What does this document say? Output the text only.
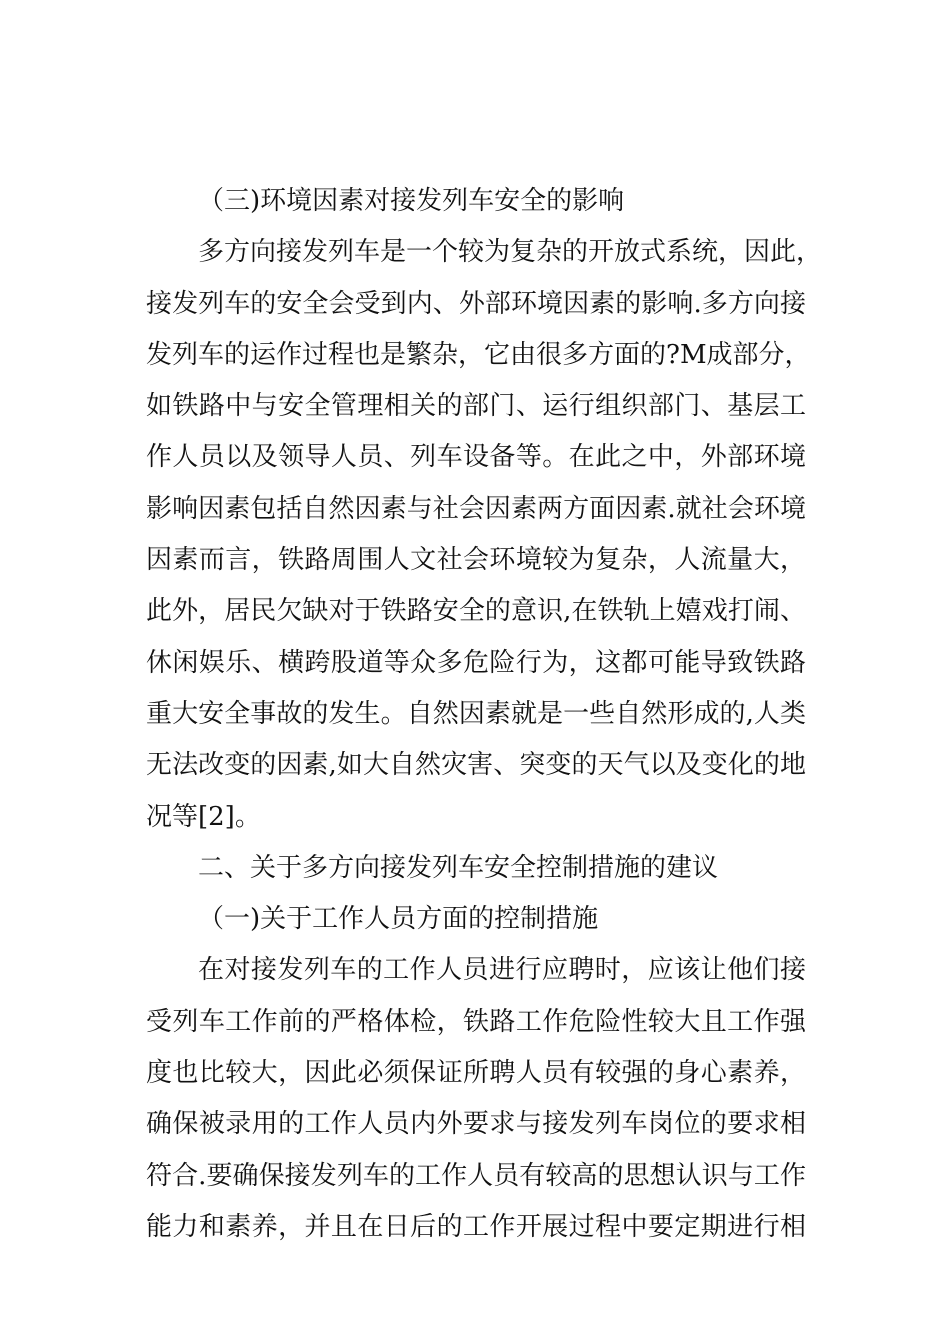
（三)环境因素对接发列车安全的影响
多方向接发列车是一个较为复杂的开放式系统，因此，
接发列车的安全会受到内、外部环境因素的影响.多方向接
发列车的运作过程也是繁杂，它由很多方面的?M成部分，
如铁路中与安全管理相关的部门、运行组织部门、基层工
作人员以及领导人员、列车设备等。在此之中，外部环境
影响因素包括自然因素与社会因素两方面因素.就社会环境
因素而言，铁路周围人文社会环境较为复杂，人流量大，
此外，居民欠缺对于铁路安全的意识,在铁轨上嬉戏打闹、
休闲娱乐、横跨股道等众多危险行为，这都可能导致铁路
重大安全事故的发生。自然因素就是一些自然形成的,人类
无法改变的因素,如大自然灾害、突变的天气以及变化的地
况等[2]。
二、关于多方向接发列车安全控制措施的建议
（一)关于工作人员方面的控制措施
在对接发列车的工作人员进行应聘时，应该让他们接
受列车工作前的严格体检，铁路工作危险性较大且工作强
度也比较大，因此必须保证所聘人员有较强的身心素养，
确保被录用的工作人员内外要求与接发列车岗位的要求相
符合.要确保接发列车的工作人员有较高的思想认识与工作
能力和素养，并且在日后的工作开展过程中要定期进行相
